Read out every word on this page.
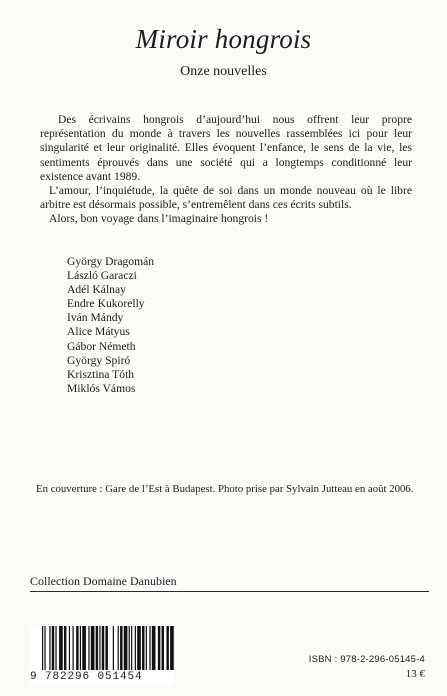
Miroir hongrois
Onze nouvelles

Des écrivains hongrois d’aujourd’hui nous offrent leur propre représentation du monde à travers les nouvelles rassemblées ici pour leur singularité et leur originalité. Elles évoquent l’enfance, le sens de la vie, les sentiments éprouvés dans une société qui a longtemps conditionné leur existence avant 1989.

L’amour, l’inquiétude, la quête de soi dans un monde nouveau où le libre arbitre est désormais possible, s’entremêlent dans ces écrits subtils.

Alors, bon voyage dans l’imaginaire hongrois !

György Dragomán
László Garaczi
Adél Kálnay
Endre Kukorelly
Iván Mándy
Alice Mátyus
Gábor Németh
György Spiró
Krisztina Tóth
Miklós Vámos
En couverture : Gare de l’Est à Budapest. Photo prise par Sylvain Jutteau en août 2006.
Collection Domaine Danubien
9 782296 051454
ISBN : 978-2-296-05145-4
13 €
